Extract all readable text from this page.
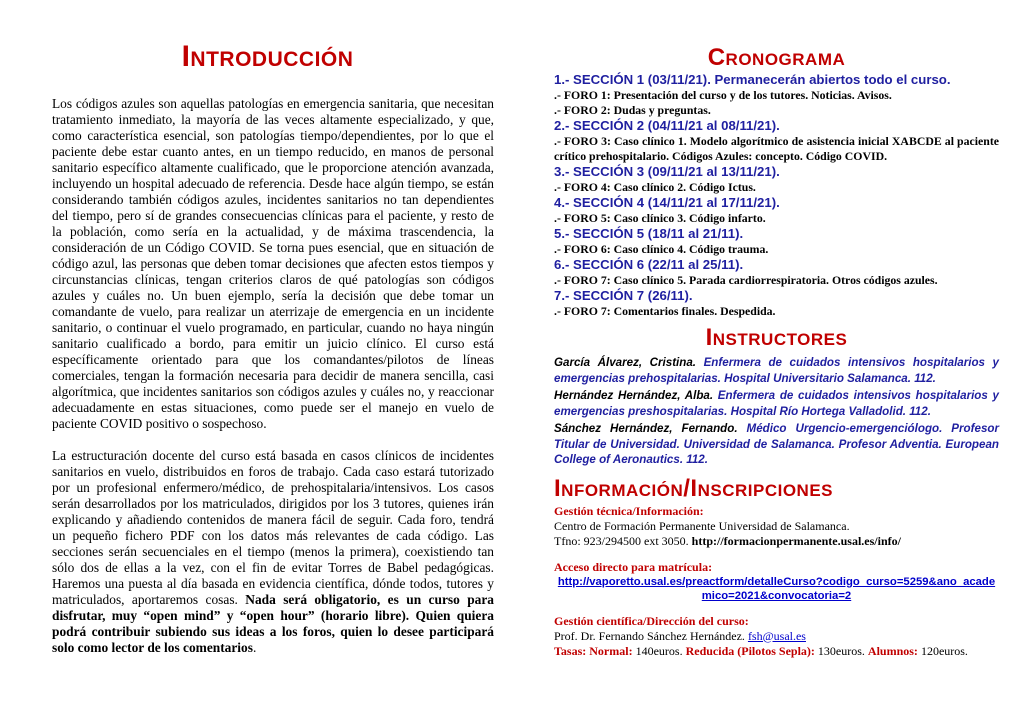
Introducción

Los códigos azules son aquellas patologías en emergencia sanitaria, que necesitan tratamiento inmediato, la mayoría de las veces altamente especializado, y que, como característica esencial, son patologías tiempo/dependientes, por lo que el paciente debe estar cuanto antes, en un tiempo reducido, en manos de personal sanitario específico altamente cualificado, que le proporcione atención avanzada, incluyendo un hospital adecuado de referencia. Desde hace algún tiempo, se están considerando también códigos azules, incidentes sanitarios no tan dependientes del tiempo, pero sí de grandes consecuencias clínicas para el paciente, y resto de la población, como sería en la actualidad, y de máxima trascendencia, la consideración de un Código COVID. Se torna pues esencial, que en situación de código azul, las personas que deben tomar decisiones que afecten estos tiempos y circunstancias clínicas, tengan criterios claros de qué patologías son códigos azules y cuáles no. Un buen ejemplo, sería la decisión que debe tomar un comandante de vuelo, para realizar un aterrizaje de emergencia en un incidente sanitario, o continuar el vuelo programado, en particular, cuando no haya ningún sanitario cualificado a bordo, para emitir un juicio clínico. El curso está específicamente orientado para que los comandantes/pilotos de líneas comerciales, tengan la formación necesaria para decidir de manera sencilla, casi algorítmica, que incidentes sanitarios son códigos azules y cuáles no, y reaccionar adecuadamente en estas situaciones, como puede ser el manejo en vuelo de paciente COVID positivo o sospechoso.

La estructuración docente del curso está basada en casos clínicos de incidentes sanitarios en vuelo, distribuidos en foros de trabajo. Cada caso estará tutorizado por un profesional enfermero/médico, de prehospitalaria/intensivos. Los casos serán desarrollados por los matriculados, dirigidos por los 3 tutores, quienes irán explicando y añadiendo contenidos de manera fácil de seguir. Cada foro, tendrá un pequeño fichero PDF con los datos más relevantes de cada código. Las secciones serán secuenciales en el tiempo (menos la primera), coexistiendo tan sólo dos de ellas a la vez, con el fin de evitar Torres de Babel pedagógicas. Haremos una puesta al día basada en evidencia científica, dónde todos, tutores y matriculados, aportaremos cosas. Nada será obligatorio, es un curso para disfrutar, muy “open mind” y “open hour” (horario libre). Quien quiera podrá contribuir subiendo sus ideas a los foros, quien lo desee participará solo como lector de los comentarios.

Cronograma
1.- SECCIÓN 1 (03/11/21). Permanecerán abiertos todo el curso.
.- FORO 1: Presentación del curso y de los tutores. Noticias. Avisos.
.- FORO 2: Dudas y preguntas.
2.- SECCIÓN 2 (04/11/21 al 08/11/21).
.- FORO 3: Caso clínico 1. Modelo algorítmico de asistencia inicial XABCDE al paciente crítico prehospitalario. Códigos Azules: concepto. Código COVID.
3.- SECCIÓN 3 (09/11/21 al 13/11/21).
.- FORO 4: Caso clínico 2. Código Ictus.
4.- SECCIÓN 4 (14/11/21 al 17/11/21).
.- FORO 5: Caso clínico 3. Código infarto.
5.- SECCIÓN 5 (18/11 al 21/11).
.- FORO 6: Caso clínico 4. Código trauma.
6.- SECCIÓN 6 (22/11 al 25/11).
.- FORO 7: Caso clínico 5. Parada cardiorrespiratoria. Otros códigos azules.
7.- SECCIÓN 7 (26/11).
.- FORO 7: Comentarios finales. Despedida.
Instructores
García Álvarez, Cristina. Enfermera de cuidados intensivos hospitalarios y emergencias prehospitalarias. Hospital Universitario Salamanca. 112.
Hernández Hernández, Alba. Enfermera de cuidados intensivos hospitalarios y emergencias preshospitalarias. Hospital Río Hortega Valladolid. 112.
Sánchez Hernández, Fernando. Médico Urgencio-emergenciólogo. Profesor Titular de Universidad. Universidad de Salamanca. Profesor Adventia. European College of Aeronautics. 112.
Información/Inscripciones
Gestión técnica/Información:
Centro de Formación Permanente Universidad de Salamanca.
Tfno: 923/294500 ext 3050. http://formacionpermanente.usal.es/info/
Acceso directo para matrícula:
http://vaporetto.usal.es/preactform/detalleCurso?codigo_curso=5259&ano_academico=2021&convocatoria=2
Gestión científica/Dirección del curso:
Prof. Dr. Fernando Sánchez Hernández. fsh@usal.es
Tasas: Normal: 140euros. Reducida (Pilotos Sepla): 130euros. Alumnos: 120euros.
